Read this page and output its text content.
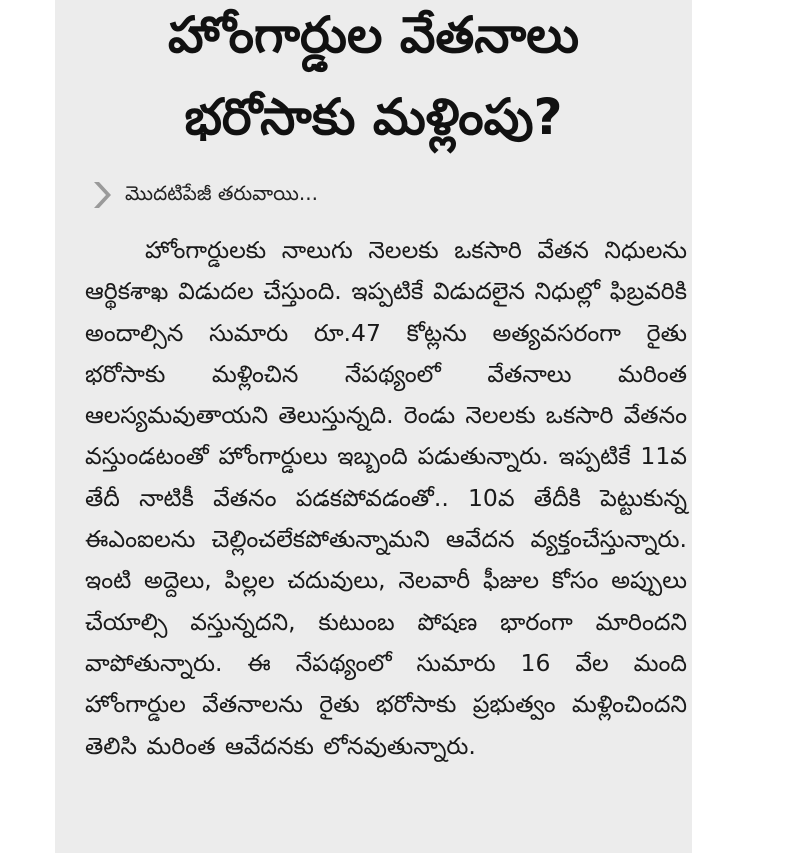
హోంగార్డుల వేతనాలు
భరోసాకు మళ్లింపు?
మొదటిపేజీ తరువాయి...

హోంగార్డులకు నాలుగు నెలలకు ఒకసారి వేతన నిధులను ఆర్థికశాఖ విడుదల చేస్తుంది. ఇప్పటికే విడుదలైన నిధుల్లో ఫిబ్రవరికి అందాల్సిన సుమారు రూ.47 కోట్లను అత్యవసరంగా రైతు భరోసాకు మళ్లించిన నేపథ్యంలో వేతనాలు మరింత ఆలస్యమవుతాయని తెలుస్తున్నది. రెండు నెలలకు ఒకసారి వేతనం వస్తుండటంతో హోంగార్డులు ఇబ్బంది పడుతున్నారు. ఇప్పటికే 11వ తేదీ నాటికీ వేతనం పడకపోవడంతో.. 10వ తేదీకి పెట్టుకున్న ఈఎంఐలను చెల్లించలేకపోతున్నామని ఆవేదన వ్యక్తంచేస్తున్నారు. ఇంటి అద్దెలు, పిల్లల చదువులు, నెలవారీ ఫీజుల కోసం అప్పులు చేయాల్సి వస్తున్నదని, కుటుంబ పోషణ భారంగా మారిందని వాపోతున్నారు. ఈ నేపథ్యంలో సుమారు 16 వేల మంది హోంగార్డుల వేతనాలను రైతు భరోసాకు ప్రభుత్వం మళ్లించిందని తెలిసి మరింత ఆవేదనకు లోనవుతున్నారు.
